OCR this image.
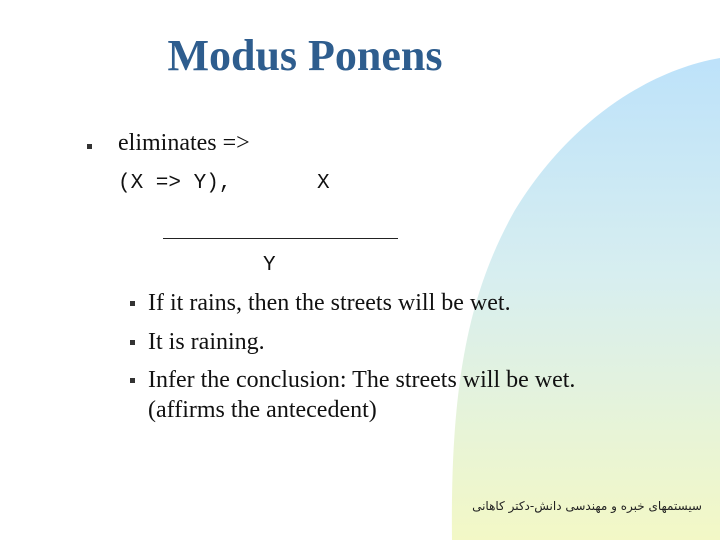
Modus Ponens
eliminates =>
(X => Y),	X
Y
If it rains, then the streets will be wet.
It is raining.
Infer the conclusion: The streets will be wet.
(affirms the antecedent)
سیستمهای خبره و مهندسی دانش-دکتر کاهانی
